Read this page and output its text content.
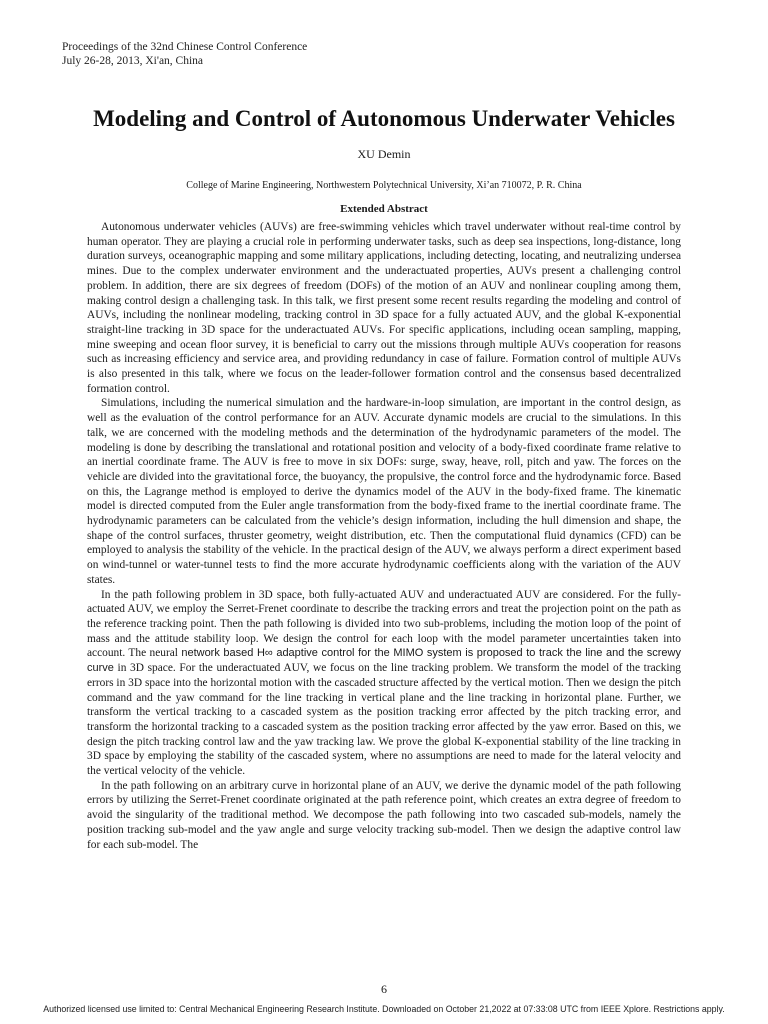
Proceedings of the 32nd Chinese Control Conference
July 26-28, 2013, Xi'an, China
Modeling and Control of Autonomous Underwater Vehicles
XU Demin
College of Marine Engineering, Northwestern Polytechnical University, Xi’an 710072, P. R. China
Extended Abstract

Autonomous underwater vehicles (AUVs) are free-swimming vehicles which travel underwater without real-time control by human operator. They are playing a crucial role in performing underwater tasks, such as deep sea inspections, long-distance, long duration surveys, oceanographic mapping and some military applications, including detecting, locating, and neutralizing undersea mines. Due to the complex underwater environment and the underactuated properties, AUVs present a challenging control problem. In addition, there are six degrees of freedom (DOFs) of the motion of an AUV and nonlinear coupling among them, making control design a challenging task. In this talk, we first present some recent results regarding the modeling and control of AUVs, including the nonlinear modeling, tracking control in 3D space for a fully actuated AUV, and the global K-exponential straight-line tracking in 3D space for the underactuated AUVs. For specific applications, including ocean sampling, mapping, mine sweeping and ocean floor survey, it is beneficial to carry out the missions through multiple AUVs cooperation for reasons such as increasing efficiency and service area, and providing redundancy in case of failure. Formation control of multiple AUVs is also presented in this talk, where we focus on the leader-follower formation control and the consensus based decentralized formation control.

Simulations, including the numerical simulation and the hardware-in-loop simulation, are important in the control design, as well as the evaluation of the control performance for an AUV. Accurate dynamic models are crucial to the simulations. In this talk, we are concerned with the modeling methods and the determination of the hydrodynamic parameters of the model. The modeling is done by describing the translational and rotational position and velocity of a body-fixed coordinate frame relative to an inertial coordinate frame. The AUV is free to move in six DOFs: surge, sway, heave, roll, pitch and yaw. The forces on the vehicle are divided into the gravitational force, the buoyancy, the propulsive, the control force and the hydrodynamic force. Based on this, the Lagrange method is employed to derive the dynamics model of the AUV in the body-fixed frame. The kinematic model is directed computed from the Euler angle transformation from the body-fixed frame to the inertial coordinate frame. The hydrodynamic parameters can be calculated from the vehicle’s design information, including the hull dimension and shape, the shape of the control surfaces, thruster geometry, weight distribution, etc. Then the computational fluid dynamics (CFD) can be employed to analysis the stability of the vehicle. In the practical design of the AUV, we always perform a direct experiment based on wind-tunnel or water-tunnel tests to find the more accurate hydrodynamic coefficients along with the variation of the AUV states.

In the path following problem in 3D space, both fully-actuated AUV and underactuated AUV are considered. For the fully- actuated AUV, we employ the Serret-Frenet coordinate to describe the tracking errors and treat the projection point on the path as the reference tracking point. Then the path following is divided into two sub-problems, including the motion loop of the point of mass and the attitude stability loop. We design the control for each loop with the model parameter uncertainties taken into account. The neural network based H∞ adaptive control for the MIMO system is proposed to track the line and the screwy curve in 3D space. For the underactuated AUV, we focus on the line tracking problem. We transform the model of the tracking errors in 3D space into the horizontal motion with the cascaded structure affected by the vertical motion. Then we design the pitch command and the yaw command for the line tracking in vertical plane and the line tracking in horizontal plane. Further, we transform the vertical tracking to a cascaded system as the position tracking error affected by the pitch tracking error, and transform the horizontal tracking to a cascaded system as the position tracking error affected by the yaw error. Based on this, we design the pitch tracking control law and the yaw tracking law. We prove the global K-exponential stability of the line tracking in 3D space by employing the stability of the cascaded system, where no assumptions are need to made for the lateral velocity and the vertical velocity of the vehicle.

In the path following on an arbitrary curve in horizontal plane of an AUV, we derive the dynamic model of the path following errors by utilizing the Serret-Frenet coordinate originated at the path reference point, which creates an extra degree of freedom to avoid the singularity of the traditional method. We decompose the path following into two cascaded sub-models, namely the position tracking sub-model and the yaw angle and surge velocity tracking sub-model. Then we design the adaptive control law for each sub-model. The

6
Authorized licensed use limited to: Central Mechanical Engineering Research Institute. Downloaded on October 21,2022 at 07:33:08 UTC from IEEE Xplore. Restrictions apply.
